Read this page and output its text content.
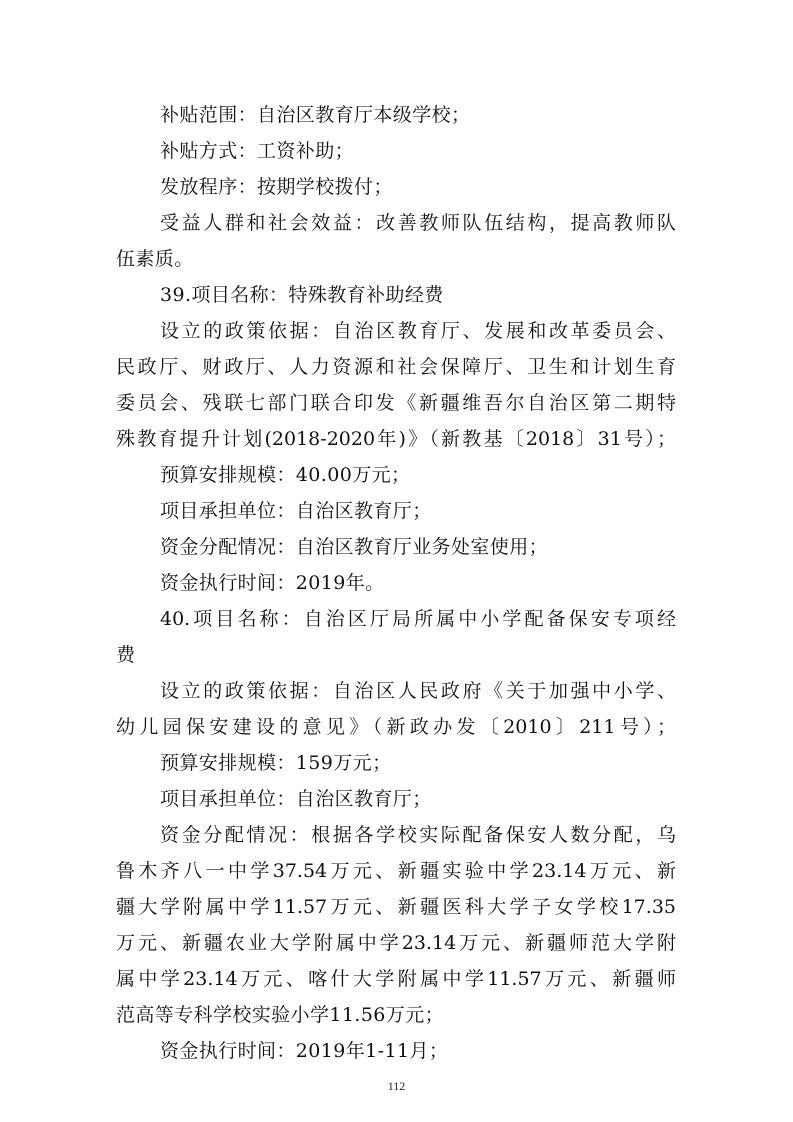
补贴范围：自治区教育厅本级学校；
补贴方式：工资补助；
发放程序：按期学校拨付；
受益人群和社会效益：改善教师队伍结构，提高教师队
伍素质。
39.项目名称：特殊教育补助经费
设立的政策依据：自治区教育厅、发展和改革委员会、
民政厅、财政厅、人力资源和社会保障厅、卫生和计划生育
委员会、残联七部门联合印发《新疆维吾尔自治区第二期特
殊教育提升计划(2018-2020年)》（新教基〔2018〕31号）；
预算安排规模：40.00万元；
项目承担单位：自治区教育厅；
资金分配情况：自治区教育厅业务处室使用；
资金执行时间：2019年。
40.项目名称：自治区厅局所属中小学配备保安专项经
费
设立的政策依据：自治区人民政府《关于加强中小学、
幼儿园保安建设的意见》（新政办发〔2010〕211号）；
预算安排规模：159万元；
项目承担单位：自治区教育厅；
资金分配情况：根据各学校实际配备保安人数分配，乌
鲁木齐八一中学37.54万元、新疆实验中学23.14万元、新
疆大学附属中学11.57万元、新疆医科大学子女学校17.35
万元、新疆农业大学附属中学23.14万元、新疆师范大学附
属中学23.14万元、喀什大学附属中学11.57万元、新疆师
范高等专科学校实验小学11.56万元；
资金执行时间：2019年1-11月；
112
